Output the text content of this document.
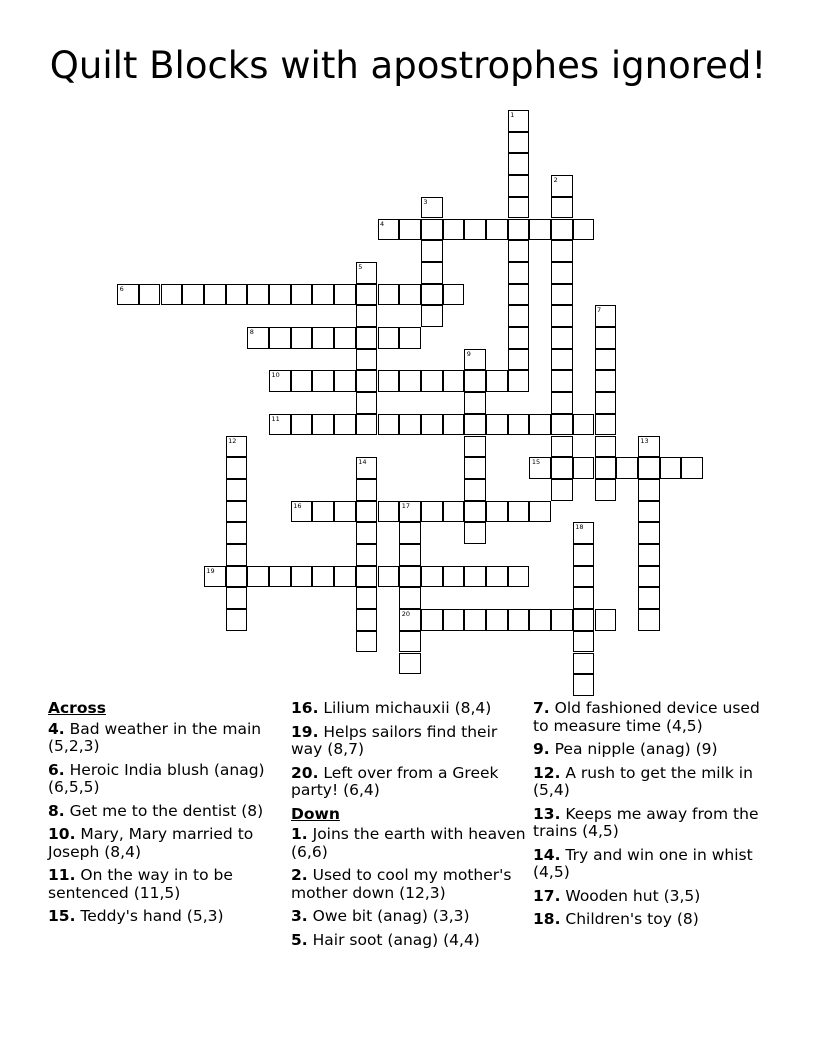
Quilt Blocks with apostrophes ignored!
1
2
3
4
5
6
7
8
9
10
11
12	13
14	15
16	17
20
18
19
Across
4. Bad weather in the main (5,2,3)
6. Heroic India blush (anag) (6,5,5)
8. Get me to the dentist (8)
10. Mary, Mary married to Joseph (8,4)
11. On the way in to be sentenced (11,5)
15. Teddy's hand (5,3)
16. Lilium michauxii (8,4)
19. Helps sailors find their way (8,7)
20. Left over from a Greek party! (6,4)
Down
1. Joins the earth with heaven (6,6)
2. Used to cool my mother's mother down (12,3)
3. Owe bit (anag) (3,3)
5. Hair soot (anag) (4,4)
7. Old fashioned device used to measure time (4,5)
9. Pea nipple (anag) (9)
12. A rush to get the milk in (5,4)
13. Keeps me away from the trains (4,5)
14. Try and win one in whist (4,5)
17. Wooden hut (3,5)
18. Children's toy (8)
